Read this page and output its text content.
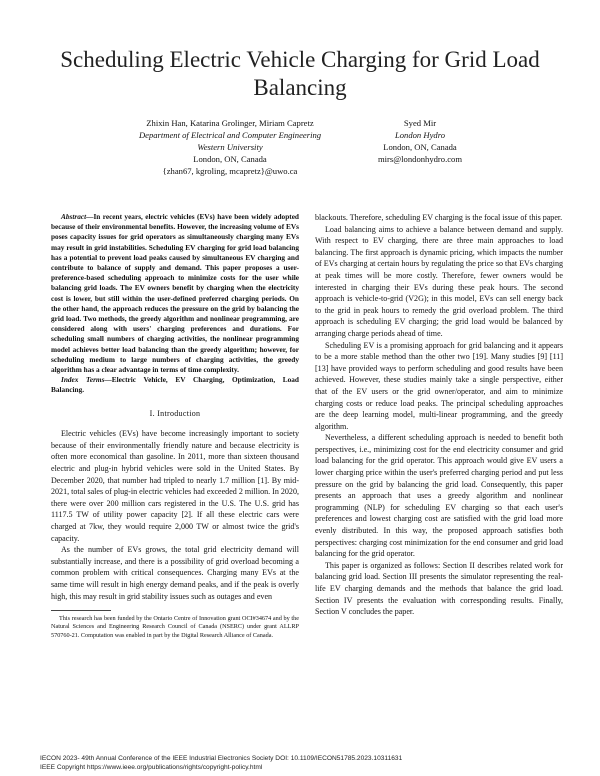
Scheduling Electric Vehicle Charging for Grid Load Balancing
Zhixin Han, Katarina Grolinger, Miriam Capretz
Department of Electrical and Computer Engineering
Western University
London, ON, Canada
{zhan67, kgroling, mcapretz}@uwo.ca
Syed Mir
London Hydro
London, ON, Canada
mirs@londonhydro.com

Abstract—In recent years, electric vehicles (EVs) have been widely adopted because of their environmental benefits. However, the increasing volume of EVs poses capacity issues for grid operators as simultaneously charging many EVs may result in grid instabilities. Scheduling EV charging for grid load balancing has a potential to prevent load peaks caused by simultaneous EV charging and contribute to balance of supply and demand. This paper proposes a user-preference-based scheduling approach to minimize costs for the user while balancing grid loads. The EV owners benefit by charging when the electricity cost is lower, but still within the user-defined preferred charging periods. On the other hand, the approach reduces the pressure on the grid by balancing the grid load. Two methods, the greedy algorithm and nonlinear programming, are considered along with users' charging preferences and durations. For scheduling small numbers of charging activities, the nonlinear programming model achieves better load balancing than the greedy algorithm; however, for scheduling medium to large numbers of charging activities, the greedy algorithm has a clear advantage in terms of time complexity.

Index Terms—Electric Vehicle, EV Charging, Optimization, Load Balancing.

I. Introduction

Electric vehicles (EVs) have become increasingly important to society because of their environmentally friendly nature and because electricity is often more economical than gasoline. In 2011, more than sixteen thousand electric and plug-in hybrid vehicles were sold in the United States. By December 2020, that number had tripled to nearly 1.7 million [1]. By mid-2021, total sales of plug-in electric vehicles had exceeded 2 million. In 2020, there were over 200 million cars registered in the U.S. The U.S. grid has 1117.5 TW of utility power capacity [2]. If all these electric cars were charged at 7kw, they would require 2,000 TW or almost twice the grid's capacity.

As the number of EVs grows, the total grid electricity demand will substantially increase, and there is a possibility of grid overload becoming a common problem with critical consequences. Charging many EVs at the same time will result in high energy demand peaks, and if the peak is overly high, this may result in grid stability issues such as outages and even

This research has been funded by the Ontario Centre of Innovation grant OCI#34674 and by the Natural Sciences and Engineering Research Council of Canada (NSERC) under grant ALLRP 570760-21. Computation was enabled in part by the Digital Research Alliance of Canada.

blackouts. Therefore, scheduling EV charging is the focal issue of this paper.

Load balancing aims to achieve a balance between demand and supply. With respect to EV charging, there are three main approaches to load balancing. The first approach is dynamic pricing, which impacts the number of EVs charging at certain hours by regulating the price so that EVs charging at peak times will be more costly. Therefore, fewer owners would be interested in charging their EVs during these peak hours. The second approach is vehicle-to-grid (V2G); in this model, EVs can sell energy back to the grid in peak hours to remedy the grid overload problem. The third approach is scheduling EV charging; the grid load would be balanced by arranging charge periods ahead of time.

Scheduling EV is a promising approach for grid balancing and it appears to be a more stable method than the other two [19]. Many studies [9] [11] [13] have provided ways to perform scheduling and good results have been achieved. However, these studies mainly take a single perspective, either that of the EV users or the grid owner/operator, and aim to minimize charging costs or reduce load peaks. The principal scheduling approaches are the deep learning model, multi-linear programming, and the greedy algorithm.

Nevertheless, a different scheduling approach is needed to benefit both perspectives, i.e., minimizing cost for the end electricity consumer and grid load balancing for the grid operator. This approach would give EV users a lower charging price within the user's preferred charging period and put less pressure on the grid by balancing the grid load. Consequently, this paper presents an approach that uses a greedy algorithm and nonlinear programming (NLP) for scheduling EV charging so that each user's preferences and lowest charging cost are satisfied with the grid load more evenly distributed. In this way, the proposed approach satisfies both perspectives: charging cost minimization for the end consumer and grid load balancing for the grid operator.

This paper is organized as follows: Section II describes related work for balancing grid load. Section III presents the simulator representing the real-life EV charging demands and the methods that balance the grid load. Section IV presents the evaluation with corresponding results. Finally, Section V concludes the paper.

IECON 2023- 49th Annual Conference of the IEEE Industrial Electronics Society DOI: 10.1109/IECON51785.2023.10311631
IEEE Copyright https://www.ieee.org/publications/rights/copyright-policy.html
